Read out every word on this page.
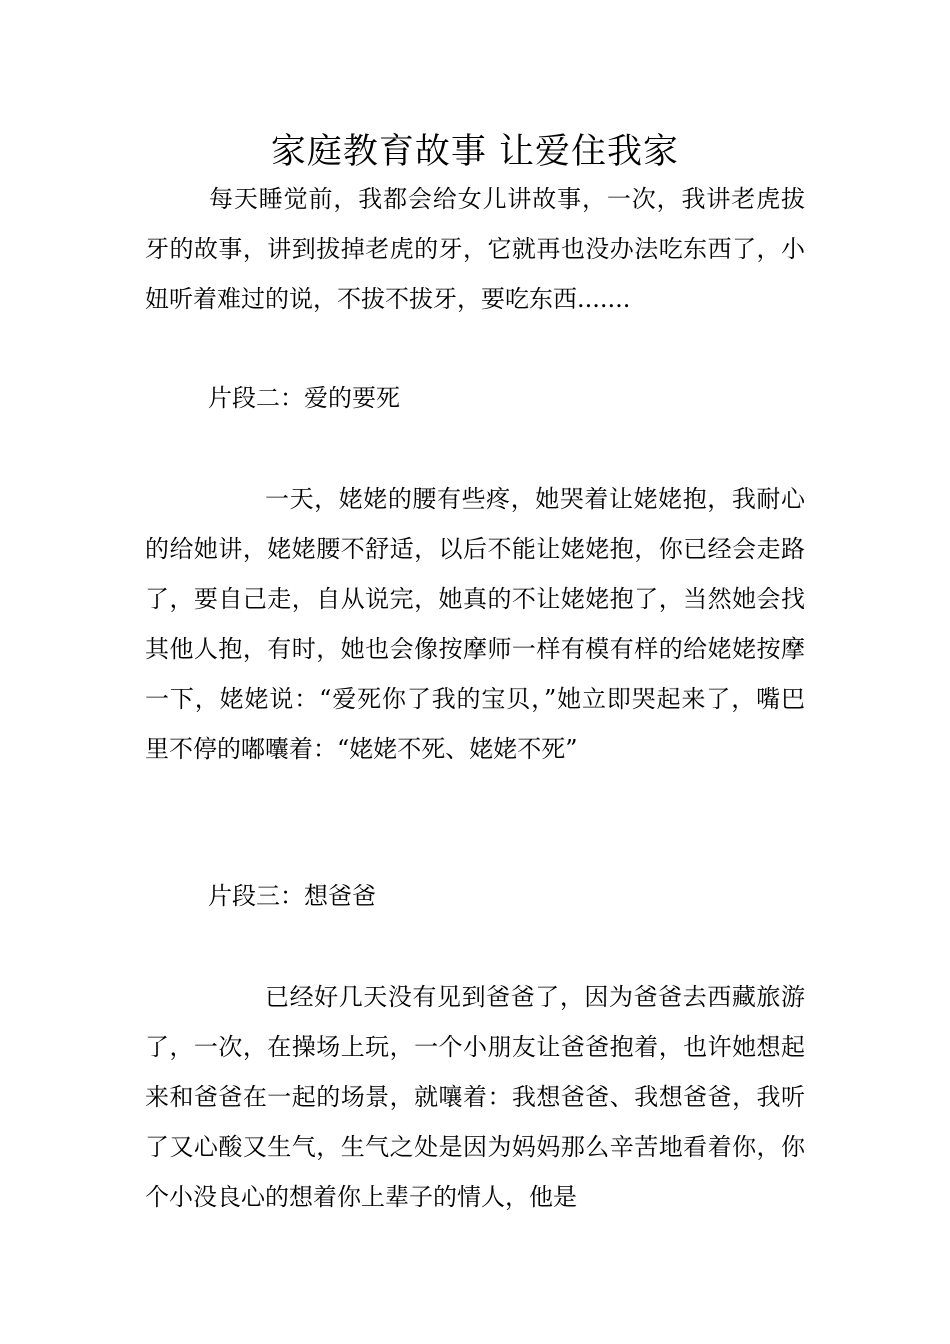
家庭教育故事 让爱住我家

每天睡觉前，我都会给女儿讲故事，一次，我讲老虎拔牙的故事，讲到拔掉老虎的牙，它就再也没办法吃东西了，小妞听着难过的说，不拔不拔牙，要吃东西.......

片段二：爱的要死

一天，姥姥的腰有些疼，她哭着让姥姥抱，我耐心的给她讲，姥姥腰不舒适，以后不能让姥姥抱，你已经会走路了，要自己走，自从说完，她真的不让姥姥抱了，当然她会找其他人抱，有时，她也会像按摩师一样有模有样的给姥姥按摩一下，姥姥说：“爱死你了我的宝贝，”她立即哭起来了，嘴巴里不停的嘟囔着：“姥姥不死、姥姥不死”

片段三：想爸爸

已经好几天没有见到爸爸了，因为爸爸去西藏旅游了，一次，在操场上玩，一个小朋友让爸爸抱着，也许她想起来和爸爸在一起的场景，就嚷着：我想爸爸、我想爸爸，我听了又心酸又生气，生气之处是因为妈妈那么辛苦地看着你，你个小没良心的想着你上辈子的情人，他是
